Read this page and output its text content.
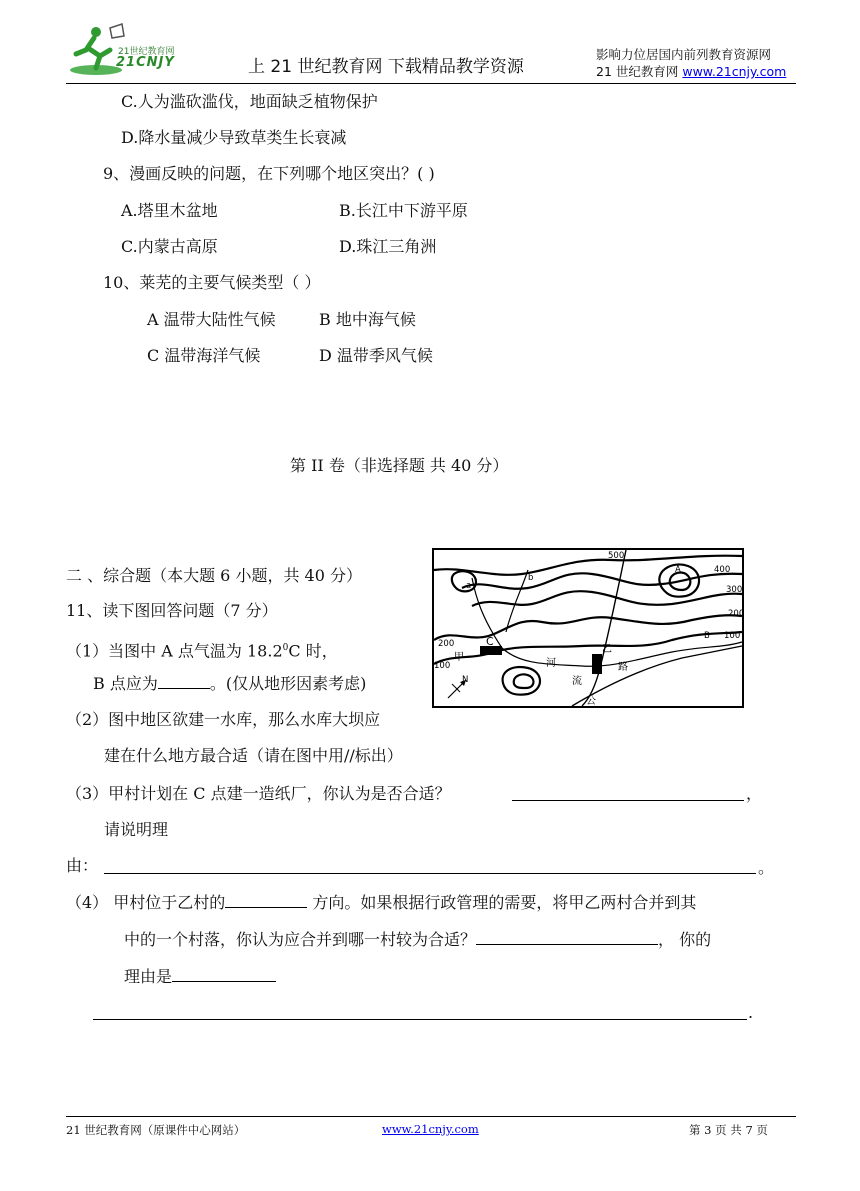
21世纪教育网
21CNJY	上 21 世纪教育网 下载精品教学资源
影响力位居国内前列教育资源网
21 世纪教育网 www.21cnjy.com
C.人为滥砍滥伐，地面缺乏植物保护
D.降水量减少导致草类生长衰减
9、漫画反映的问题，在下列哪个地区突出？( )
A.塔里木盆地	B.长江中下游平原
C.内蒙古高原	D.珠江三角洲
10、莱芜的主要气候类型（ ）
A 温带大陆性气候	B 地中海气候
C 温带海洋气候	D 温带季风气候
第 II 卷（非选择题 共 40 分）
500
400
300
200
100
200
100
A
B
C
a
b
甲
乙
河
流
公
路
N
二 、综合题（本大题 6 小题，共 40 分）
11、读下图回答问题（7 分）
（1）当图中 A 点气温为 18.2$^0$C 时，
B 点应为	。(仅从地形因素考虑)
（2）图中地区欲建一水库，那么水库大坝应
建在什么地方最合适（请在图中用//标出）
（3）甲村计划在 C 点建一造纸厂，你认为是否合适？	，
请说明理
由：	。
（4） 甲村位于乙村的	方向。如果根据行政管理的需要，将甲乙两村合并到其
中的一个村落，你认为应合并到哪一村较为合适？	， 你的
理由是
.
21 世纪教育网（原课件中心网站）	www.21cnjy.com	第 3 页 共 7 页
